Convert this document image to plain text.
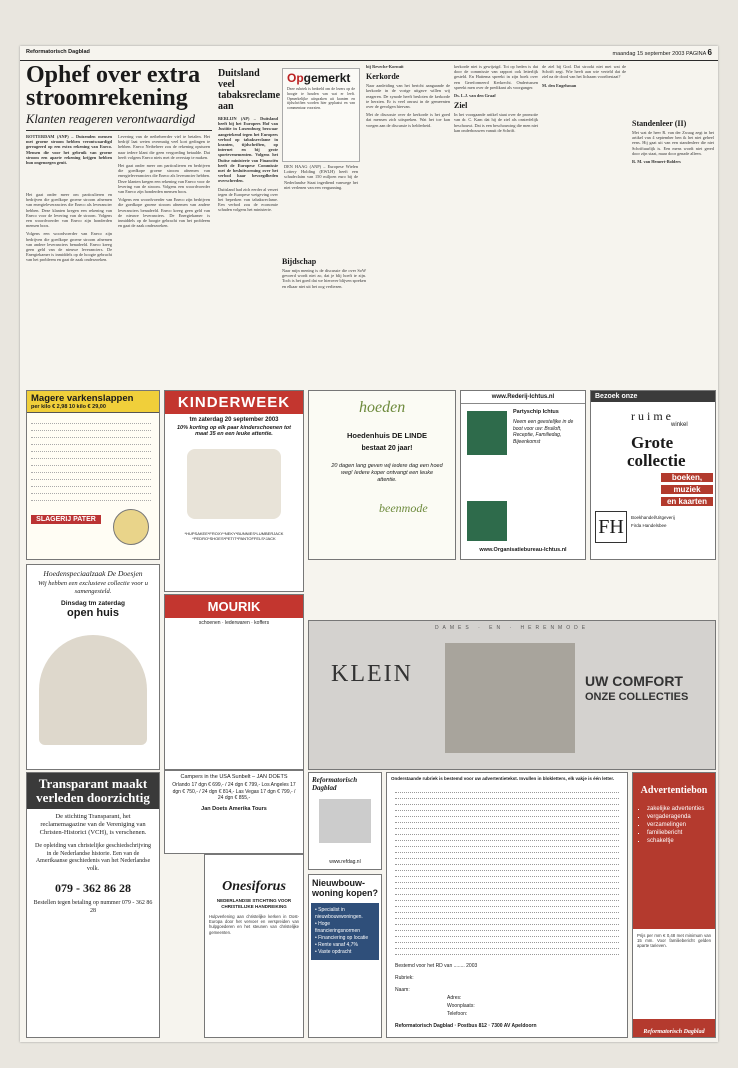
Reformatorisch Dagblad	maandag 15 september 2003 PAGINA 6
Ophef over extra stroomrekening
Klanten reageren verontwaardigd
ROTTERDAM (ANP) – Duizenden mensen met groene stroom hebben verontwaardigd gereageerd op een extra rekening van Eneco. Mensen die voor het gebruik van groene stroom een aparte rekening krijgen hebben hun ongenoegen geuit.

Het gaat onder meer om particulieren en bedrijven die goedkope groene stroom afnemen van energieleveranciers die Eneco als leverancier hebben. Deze klanten kregen een rekening van Eneco voor de levering van de stroom. Volgens een woordvoerder van Eneco zijn honderden mensen boos.

Volgens een woordvoerder van Eneco zijn bedrijven die goedkope groene stroom afnemen van andere leveranciers benadeeld. Eneco kreeg geen geld van de nieuwe leveranciers. De Energiekamer is inmiddels op de hoogte gebracht van het probleem en gaat de zaak onderzoeken.

Levering van de netbeheerder viel te betalen. Het bedrijf laat weten overmatig veel kort gedingen te hebben. Eneco Netbeheer zou de rekening opsturen naar iedere klant die geen vergoeding betaalde. Dat heeft volgens Eneco niets met de overstap te maken.

Het gaat onder meer om particulieren en bedrijven die goedkope groene stroom afnemen van energieleveranciers die Eneco als leverancier hebben. Deze klanten kregen een rekening van Eneco voor de levering van de stroom. Volgens een woordvoerder van Eneco zijn honderden mensen boos.

Volgens een woordvoerder van Eneco zijn bedrijven die goedkope groene stroom afnemen van andere leveranciers benadeeld. Eneco kreeg geen geld van de nieuwe leveranciers. De Energiekamer is inmiddels op de hoogte gebracht van het probleem en gaat de zaak onderzoeken.

Duitsland veel tabaksreclame aan
BERLIJN (AP) – Duitsland heeft bij het Europees Hof van Justitie in Luxemburg bezwaar aangetekend tegen het Europees verbod op tabaksreclame in kranten, tijdschriften, op internet en bij grote sportevenementen. Volgens het Duitse ministerie van Financiën heeft de Europese Commissie met de besluitvorming over het verbod haar bevoegdheden overschreden.
Duitsland had zich eerder al verzet tegen de Europese wetgeving over het beperken van tabaksreclame. Een verbod zou de economie schaden volgens het ministerie.
DEN HAAG (ANP) – Europese Wielen Lottery Holding (EWLH) heeft een schadeclaim van 150 miljoen euro bij de Nederlandse Staat ingediend vanwege het niet verlenen van een vergunning.
Opgemerkt
Deze rubriek is bedoeld om de lezers op de hoogte te houden van wat er leeft. Opmerkelijke uitspraken uit kranten en tijdschriften worden hier geplaatst en van commentaar voorzien.
bij Reveche-Kornuit
Kerkorde
Naar aanleiding van het bericht aangaande de kerkorde in de vorige uitgave willen wij reageren. De synode heeft besloten de kerkorde te herzien. Er is veel onrust in de gemeenten over de gevolgen hiervan.
Met de discussie over de kerkorde is het goed dat mensen zich uitspreken. Wat het toe kan voegen aan de discussie is helderheid.
Bijdschap
Naar mijn mening is de discussie die over SoW gevoerd wordt niet zo, dat je blij hoeft te zijn. Toch is het goed dat we hierover blijven spreken en elkaar niet uit het oog verliezen.
kerkorde niet is gewijzigd. Tot op heden is dat door de commissie van rapport ook letterlijk gesteld. En Hattema spreekt in zijn boek over een Gereformeerd Kerkrecht. Ondertussen spreekt men over de predikant als voorganger.
Ds. L.J. van den Graaf
Ziel
In het voorgaande artikel staat over de promotie van dr. C. Kam dat hij de ziel als onsterfelijk beschouwt. Dat is een beschouwing die men niet kan onderbouwen vanuit de Schrift.
de ziel bij God. Dat strookt niet met wat de Schrift zegt. Wie heeft aan wie verteld dat de ziel na de dood van het lichaam voortbestaat?
M. den Engelsman
Standenleer (II)
Met wat de heer R. van der Zwaag zegt in het artikel van 4 september ben ik het niet geheel eens. Hij gaat uit van een standenleer die niet Schriftuurlijk is. Een mens wordt niet gered door zijn staat, maar door genade alleen.
R. M. van Hemert-Bolders
Magere varkenslappen
per kilo € 2,98 10 kilo € 29,00
SLAGERIJ PATER
KINDERWEEK
tm zaterdag 20 september 2003
10% korting op elk paar kinderschoenen tot maat 35 en een leuke attentie.
*HUPSAKEE*FROXY*NEKY*BUNNIES*LUMBERJACK *PEDRO*SHOES*PETIT*PANTOFFELS*JACK
hoeden
Hoedenhuis DE LINDE
bestaat 20 jaar!
20 dagen lang geven wij iedere dag een hoed weg! Iedere koper ontvangt een leuke attentie.
beenmode
www.Rederij-Ichtus.nl
Partyschip Ichtus
Neem een geestelijke in de boot voor uw: Bruiloft, Receptie, Familiedag, Bijeenkomst
www.Organisatiebureau-Ichtus.nl
Bezoek onze
ruime
winkel
Grote
collectie
boeken,
muziek
en kaarten
FH	Boekhandel/Uitgeverij
Firda Handelsbee
Hoedenspeciaalzaak De Doesjen
Wij hebben een exclusieve collectie voor u samengesteld.
Dinsdag tm zaterdag
open huis	MOURIK
schoenen · lederwaren · koffers
DAMES · EN · HERENMODE
KLEIN	UW COMFORT
ONZE COLLECTIES
Campers in the USA Sunbelt – JAN DOETS
Orlando 17 dgn € 699,- / 24 dgn € 799,- Los Angeles 17 dgn € 750,- / 24 dgn € 814,- Las Vegas 17 dgn € 799,- / 24 dgn € 855,-
Jan Doets Amerika Tours
Transparant maakt verleden doorzichtig
De stichting Transparant, het reclamemagazine van de Vereniging van Christen-Historici (VCH), is verschenen.
De opleiding van christelijke geschiedschrijving in de Nederlandse historie. Een van de Amerikaanse geschiedenis van het Nederlandse volk.
079 - 362 86 28
Bestellen tegen betaling op nummer 079 - 362 86 28
Onesiforus
NEDERLANDSE STICHTING VOOR CHRISTELIJKE HANDREIKING
Hulpverlening aan christelijke kerken in Oost-Europa door het vervoer en verspreiden van hulpgoederen en het steunen van christelijke gemeenten.
Reformatorisch Dagblad
www.refdag.nl
Nieuwbouw-woning kopen?
• Specialist in nieuwbouwwoningen.
• Hoge financieringsnormen
• Financiering op locatie
• Rente vanaf 4,7%
• Vaste opdracht
Onderstaande rubriek is bestemd voor uw advertentietekst. Invullen in blokletters, elk vakje is één letter.
Bestemd voor het RD van ........ 2003
Rubriek:
Naam:
Adres:
Woonplaats:
Telefoon:
Reformatorisch Dagblad · Postbus 812 · 7300 AV Apeldoorn
Advertentiebon
▪ zakelijke advertenties
▪ vergaderagenda
▪ verzamelingen
▪ familiebericht
▪ schakeltje
Prijs per mm € 0,48 met minimum van 15 mm. Voor familiebericht gelden aparte tarieven.
Reformatorisch Dagblad
